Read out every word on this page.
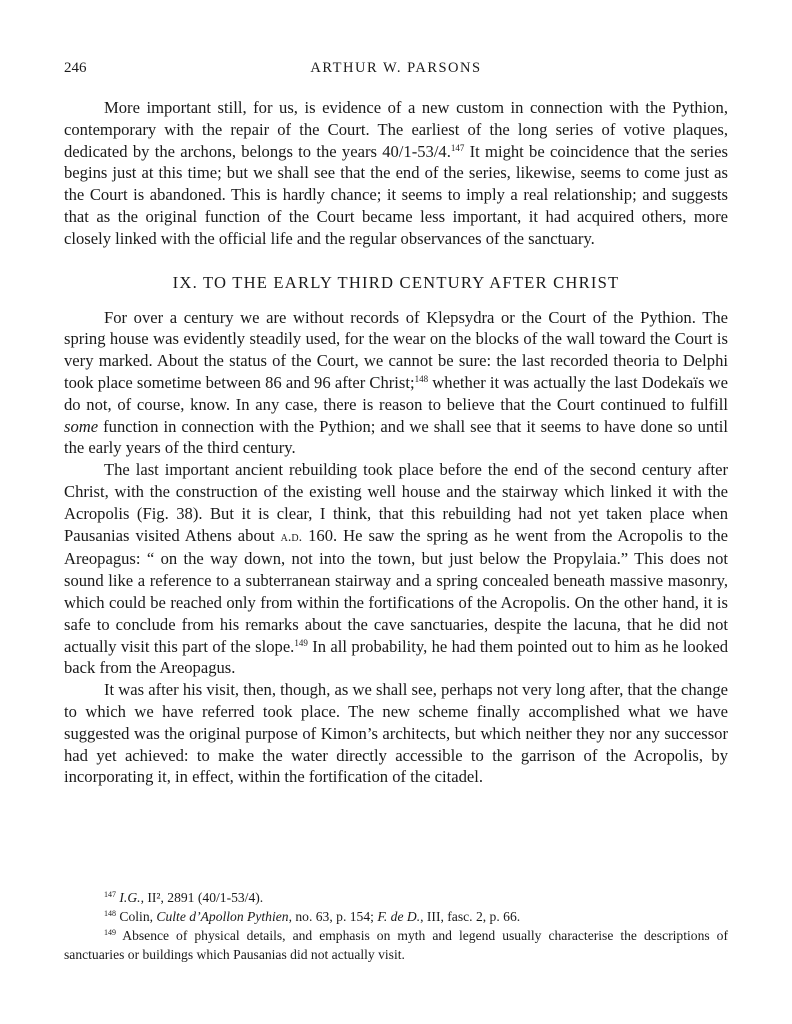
246	ARTHUR W. PARSONS

More important still, for us, is evidence of a new custom in connection with the Pythion, contemporary with the repair of the Court. The earliest of the long series of votive plaques, dedicated by the archons, belongs to the years 40/1-53/4.$^{147}$ It might be coincidence that the series begins just at this time; but we shall see that the end of the series, likewise, seems to come just as the Court is abandoned. This is hardly chance; it seems to imply a real relationship; and suggests that as the original function of the Court became less important, it had acquired others, more closely linked with the official life and the regular observances of the sanctuary.

IX. TO THE EARLY THIRD CENTURY AFTER CHRIST

For over a century we are without records of Klepsydra or the Court of the Pythion. The spring house was evidently steadily used, for the wear on the blocks of the wall toward the Court is very marked. About the status of the Court, we cannot be sure: the last recorded theoria to Delphi took place sometime between 86 and 96 after Christ;$^{148}$ whether it was actually the last Dodekaïs we do not, of course, know. In any case, there is reason to believe that the Court continued to fulfill some function in connection with the Pythion; and we shall see that it seems to have done so until the early years of the third century.

The last important ancient rebuilding took place before the end of the second century after Christ, with the construction of the existing well house and the stairway which linked it with the Acropolis (Fig. 38). But it is clear, I think, that this rebuilding had not yet taken place when Pausanias visited Athens about a.d. 160. He saw the spring as he went from the Acropolis to the Areopagus: “ on the way down, not into the town, but just below the Propylaia.” This does not sound like a reference to a subterranean stairway and a spring concealed beneath massive masonry, which could be reached only from within the fortifications of the Acropolis. On the other hand, it is safe to conclude from his remarks about the cave sanctuaries, despite the lacuna, that he did not actually visit this part of the slope.$^{149}$ In all probability, he had them pointed out to him as he looked back from the Areopagus.

It was after his visit, then, though, as we shall see, perhaps not very long after, that the change to which we have referred took place. The new scheme finally accomplished what we have suggested was the original purpose of Kimon’s architects, but which neither they nor any successor had yet achieved: to make the water directly accessible to the garrison of the Acropolis, by incorporating it, in effect, within the fortification of the citadel.

$^{147}$ I.G., II², 2891 (40/1-53/4).

$^{148}$ Colin, Culte d’Apollon Pythien, no. 63, p. 154; F. de D., III, fasc. 2, p. 66.

$^{149}$ Absence of physical details, and emphasis on myth and legend usually characterise the descriptions of sanctuaries or buildings which Pausanias did not actually visit.
